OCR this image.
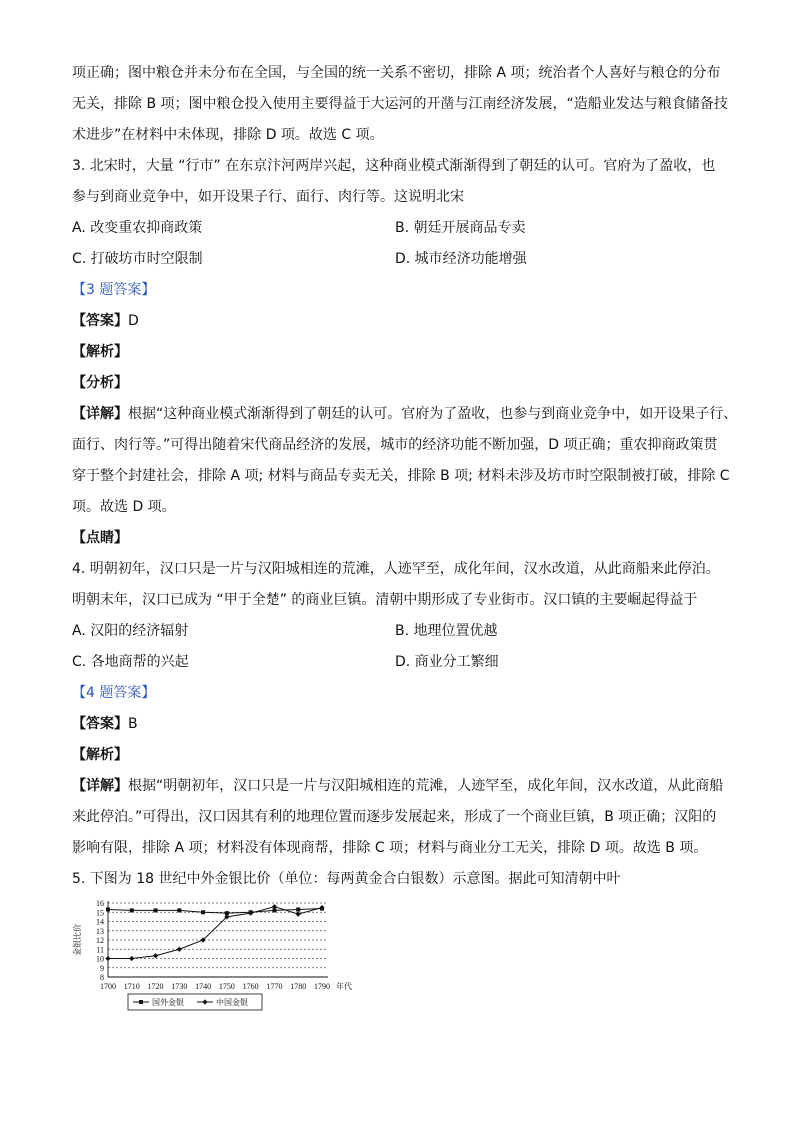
项正确；图中粮仓并未分布在全国，与全国的统一关系不密切，排除 A 项；统治者个人喜好与粮仓的分布

无关，排除 B 项；图中粮仓投入使用主要得益于大运河的开凿与江南经济发展，“造船业发达与粮食储备技

术进步”在材料中未体现，排除 D 项。故选 C 项。

3. 北宋时，大量 “行市” 在东京汴河两岸兴起，这种商业模式渐渐得到了朝廷的认可。官府为了盈收，也

参与到商业竞争中，如开设果子行、面行、肉行等。这说明北宋

A. 改变重农抑商政策	B. 朝廷开展商品专卖
C. 打破坊市时空限制	D. 城市经济功能增强

【3 题答案】

【答案】D

【解析】

【分析】

【详解】根据“这种商业模式渐渐得到了朝廷的认可。官府为了盈收，也参与到商业竞争中，如开设果子行、

面行、肉行等。”可得出随着宋代商品经济的发展，城市的经济功能不断加强，D 项正确；重农抑商政策贯

穿于整个封建社会，排除 A 项; 材料与商品专卖无关，排除 B 项; 材料未涉及坊市时空限制被打破，排除 C

项。故选 D 项。

【点睛】

4. 明朝初年，汉口只是一片与汉阳城相连的荒滩，人迹罕至，成化年间，汉水改道，从此商船来此停泊。

明朝末年，汉口已成为 “甲于全楚” 的商业巨镇。清朝中期形成了专业街市。汉口镇的主要崛起得益于

A. 汉阳的经济辐射	B. 地理位置优越
C. 各地商帮的兴起	D. 商业分工繁细

【4 题答案】

【答案】B

【解析】

【详解】根据“明朝初年，汉口只是一片与汉阳城相连的荒滩，人迹罕至，成化年间，汉水改道，从此商船

来此停泊。”可得出，汉口因其有利的地理位置而逐步发展起来，形成了一个商业巨镇，B 项正确；汉阳的

影响有限，排除 A 项；材料没有体现商帮，排除 C 项；材料与商业分工无关，排除 D 项。故选 B 项。

5. 下图为 18 世纪中外金银比价（单位：每两黄金合白银数）示意图。据此可知清朝中叶

8
9
10
11
12
13
14
15
16
1700 1710 1720 1730 1740 1750 1760 1770 1780 1790 年代
金银比价
国外金银	中国金银
